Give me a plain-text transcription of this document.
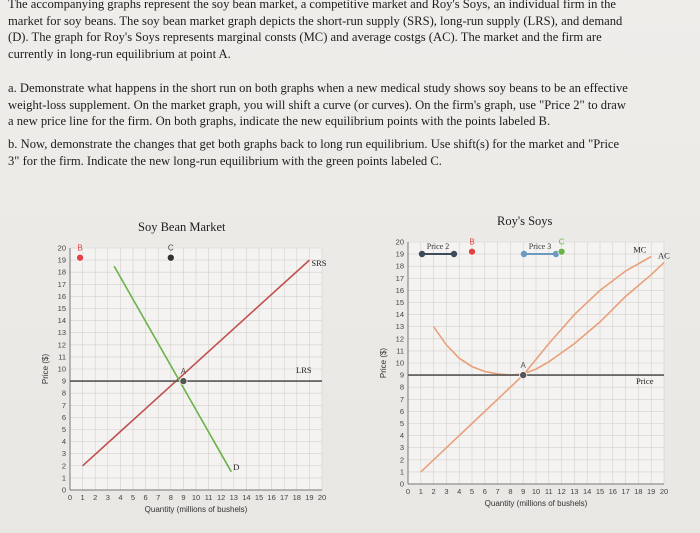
The accompanying graphs represent the soy bean market, a competitive market and Roy's Soys, an individual firm in the
market for soy beans. The soy bean market graph depicts the short-run supply (SRS), long-run supply (LRS), and demand
(D). The graph for Roy's Soys represents marginal consts (MC) and average costgs (AC). The market and the firm are
currently in long-run equilibrium at point A.
a. Demonstrate what happens in the short run on both graphs when a new medical study shows soy beans to be an effective
weight-loss supplement. On the market graph, you will shift a curve (or curves). On the firm's graph, use "Price 2" to draw
a new price line for the firm. On both graphs, indicate the new equilibrium points with the points labeled B.
b. Now, demonstrate the changes that get both graphs back to long run equilibrium. Use shift(s) for the market and "Price
3" for the firm. Indicate the new long-run equilibrium with the green points labeled C.
Soy Bean Market	Roy's Soys
0 1 2 3 4 5 6 7 8 9 10 11 12 13 14 15 16 17 18 19 20
0
1
2
3
4
5
6
7
8
9
10
11
12
13
14
15
16
17
18
19
20
Quantity (millions of bushels)
Price ($)
SRS
LRS
D
A
B	C
0 1 2 3 4 5 6 7 8 9 10 11 12 13 14 15 16 17 18 19 20
0
1
2
3
4
5
6
7
8
9
10
11
12
13
14
15
16
17
18
19
20
Quantity (millions of bushels)
Price ($)
MC
AC
Price
Price 2	Price 3
A
B	C
